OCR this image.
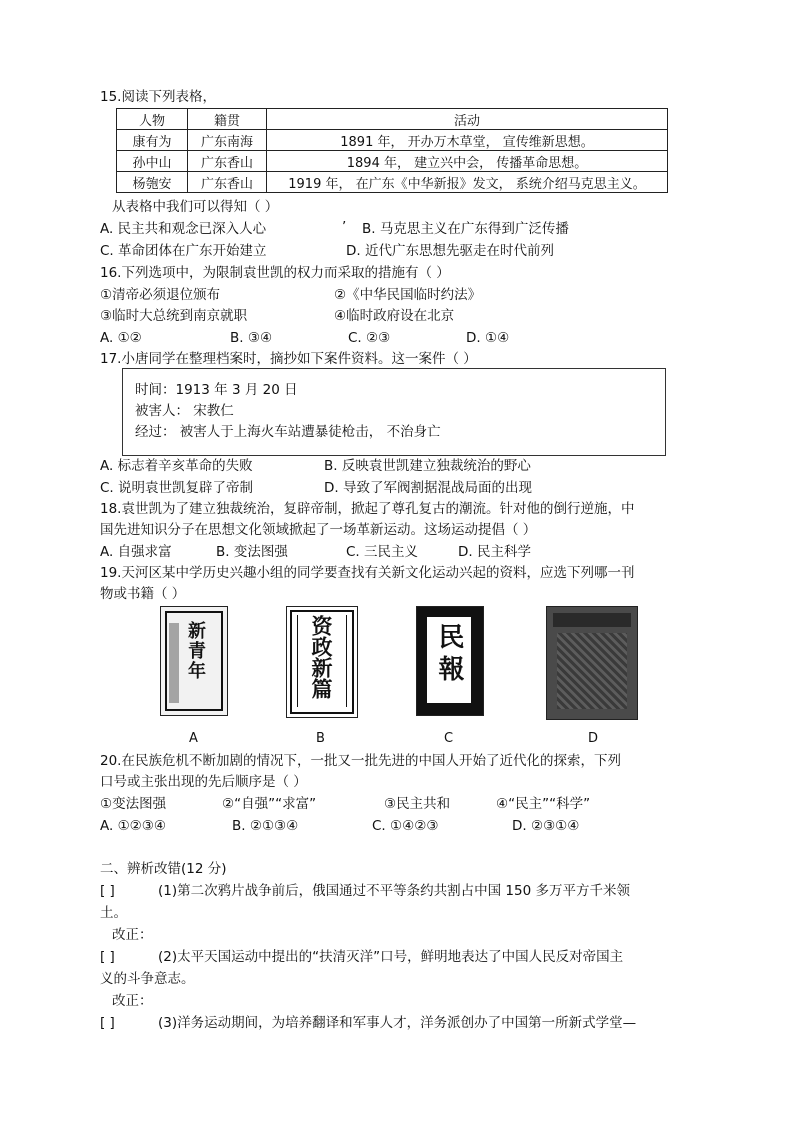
15.阅读下列表格，
人物	籍贯	活动
康有为	广东南海	1891 年， 开办万木草堂， 宣传维新思想。
孙中山	广东香山	1894 年， 建立兴中会， 传播革命思想。
杨匏安	广东香山	1919 年， 在广东《中华新报》发文， 系统介绍马克思主义。
从表格中我们可以得知（ ）
A. 民主共和观念已深入人心	’ B. 马克思主义在广东得到广泛传播
C. 革命团体在广东开始建立	D. 近代广东思想先驱走在时代前列
16.下列选项中，为限制袁世凯的权力而采取的措施有（ ）
①清帝必须退位颁布	②《中华民国临时约法》
③临时大总统到南京就职	④临时政府设在北京
A. ①②	B. ③④	C. ②③	D. ①④
17.小唐同学在整理档案时，摘抄如下案件资料。这一案件（ ）
时间：1913 年 3 月 20 日
被害人： 宋教仁
经过： 被害人于上海火车站遭暴徒枪击， 不治身亡
A. 标志着辛亥革命的失败	B. 反映袁世凯建立独裁统治的野心
C. 说明袁世凯复辟了帝制	D. 导致了军阀割据混战局面的出现
18.袁世凯为了建立独裁统治，复辟帝制，掀起了尊孔复古的潮流。针对他的倒行逆施，中
国先进知识分子在思想文化领域掀起了一场革新运动。这场运动提倡（ ）
A. 自强求富	B. 变法图强	C. 三民主义	D. 民主科学
19.天河区某中学历史兴趣小组的同学要查找有关新文化运动兴起的资料，应选下列哪一刊
物或书籍（ ）
新青年
A
资政新篇
B
民報
C	D
20.在民族危机不断加剧的情况下，一批又一批先进的中国人开始了近代化的探索，下列
口号或主张出现的先后顺序是（ ）
①变法图强	②“自强”“求富”	③民主共和	④“民主”“科学”
A. ①②③④	B. ②①③④	C. ①④②③	D. ②③①④
二、辨析改错(12 分)
[ ]	(1)第二次鸦片战争前后，俄国通过不平等条约共割占中国 150 多万平方千米领
土。
改正：
[ ]	(2)太平天国运动中提出的“扶清灭洋”口号，鲜明地表达了中国人民反对帝国主
义的斗争意志。
改正：
[ ]	(3)洋务运动期间，为培养翻译和军事人才，洋务派创办了中国第一所新式学堂—
